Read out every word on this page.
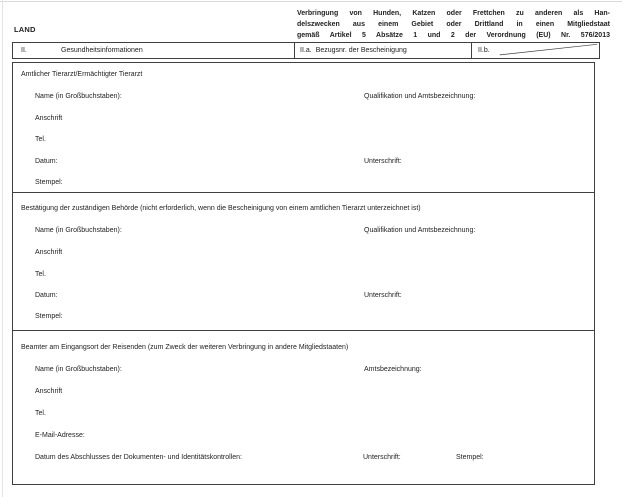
LAND
Verbringung von Hunden, Katzen oder Frettchen zu anderen als Han-
delszwecken aus einem Gebiet oder Drittland in einen Mitgliedstaat
gemäß Artikel 5 Absätze 1 und 2 der Verordnung (EU) Nr. 576/2013
II.	Gesundheitsinformationen	II.a. Bezugsnr. der Bescheinigung	II.b.
Amtlicher Tierarzt/Ermächtigter Tierarzt
Name (in Großbuchstaben):	Qualifikation und Amtsbezeichnung:
Anschrift
Tel.
Datum:	Unterschrift:
Stempel:
Bestätigung der zuständigen Behörde (nicht erforderlich, wenn die Bescheinigung von einem amtlichen Tierarzt unterzeichnet ist)
Name (in Großbuchstaben):	Qualifikation und Amtsbezeichnung:
Anschrift
Tel.
Datum:	Unterschrift:
Stempel:
Beamter am Eingangsort der Reisenden (zum Zweck der weiteren Verbringung in andere Mitgliedstaaten)
Name (in Großbuchstaben):	Amtsbezeichnung:
Anschrift
Tel.
E-Mail-Adresse:
Datum des Abschlusses der Dokumenten- und Identitätskontrollen:	Unterschrift:	Stempel:
